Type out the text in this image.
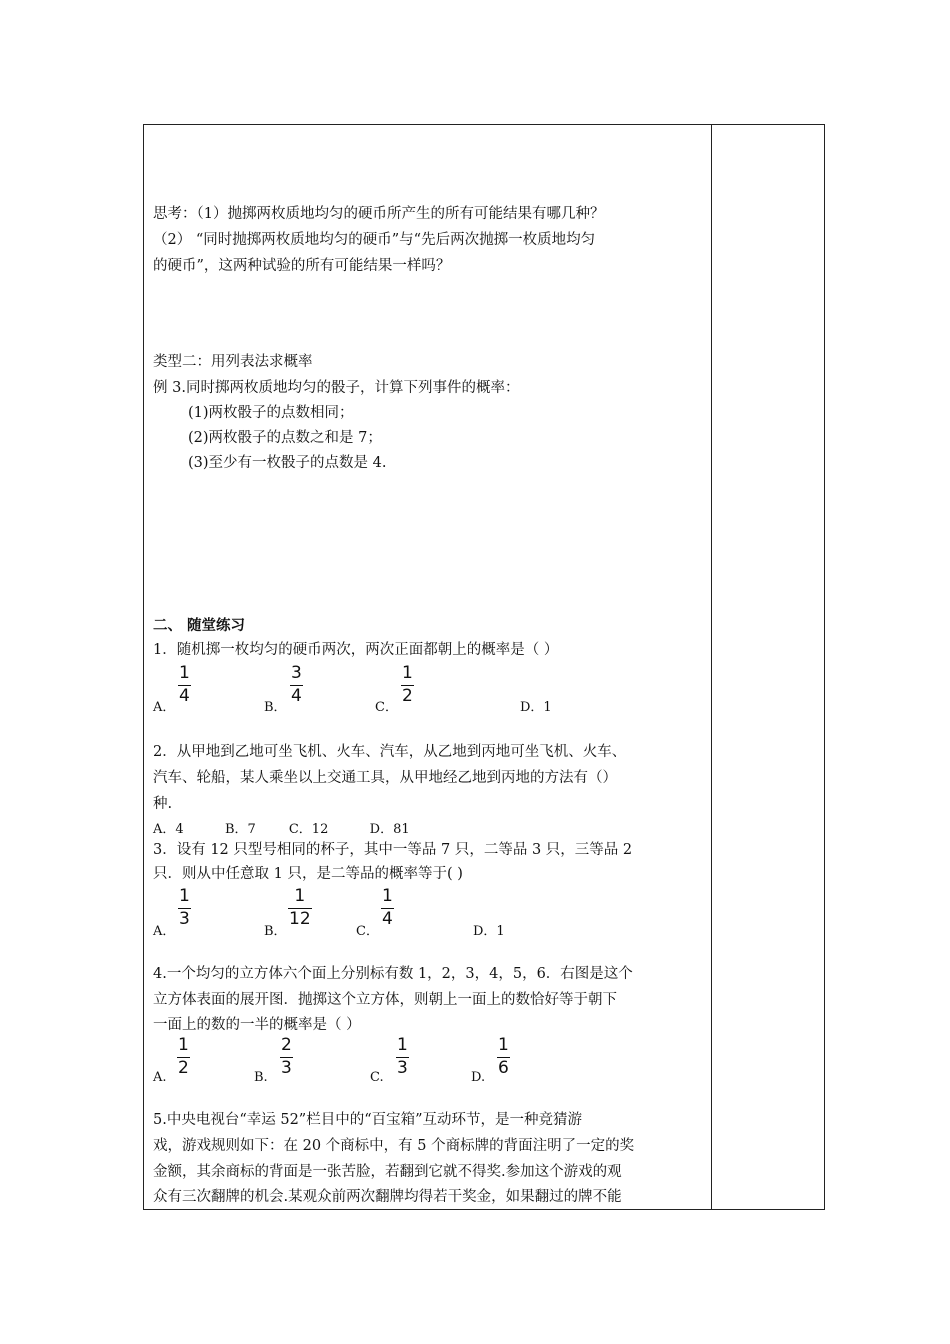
思考：（1）抛掷两枚质地均匀的硬币所产生的所有可能结果有哪几种？
（2） “同时抛掷两枚质地均匀的硬币”与“先后两次抛掷一枚质地均匀
的硬币”，这两种试验的所有可能结果一样吗？
类型二：用列表法求概率
例 3.同时掷两枚质地均匀的骰子，计算下列事件的概率：
(1)两枚骰子的点数相同；
(2)两枚骰子的点数之和是 7；
(3)至少有一枚骰子的点数是 4.
二、 随堂练习
1．随机掷一枚均匀的硬币两次，两次正面都朝上的概率是（ ）
A．
1
4
B．
3
4
C．
1
2
D．1
2．从甲地到乙地可坐飞机、火车、汽车，从乙地到丙地可坐飞机、火车、
汽车、轮船，某人乘坐以上交通工具，从甲地经乙地到丙地的方法有（）
种.
A．4          B．7        C．12          D．81
3．设有 12 只型号相同的杯子，其中一等品 7 只，二等品 3 只，三等品 2
只．则从中任意取 1 只，是二等品的概率等于( )
A．
1
3
B．
1
12
C．
1
4
D．1
4.一个均匀的立方体六个面上分别标有数 1，2，3，4，5，6．右图是这个
立方体表面的展开图．抛掷这个立方体，则朝上一面上的数恰好等于朝下
一面上的数的一半的概率是（ ）
A.
1
2	B.
2
3	C.
1
3	D.
1
6
5.中央电视台“幸运 52”栏目中的“百宝箱”互动环节，是一种竞猜游
戏，游戏规则如下：在 20 个商标中，有 5 个商标牌的背面注明了一定的奖
金额，其余商标的背面是一张苦脸，若翻到它就不得奖.参加这个游戏的观
众有三次翻牌的机会.某观众前两次翻牌均得若干奖金，如果翻过的牌不能
